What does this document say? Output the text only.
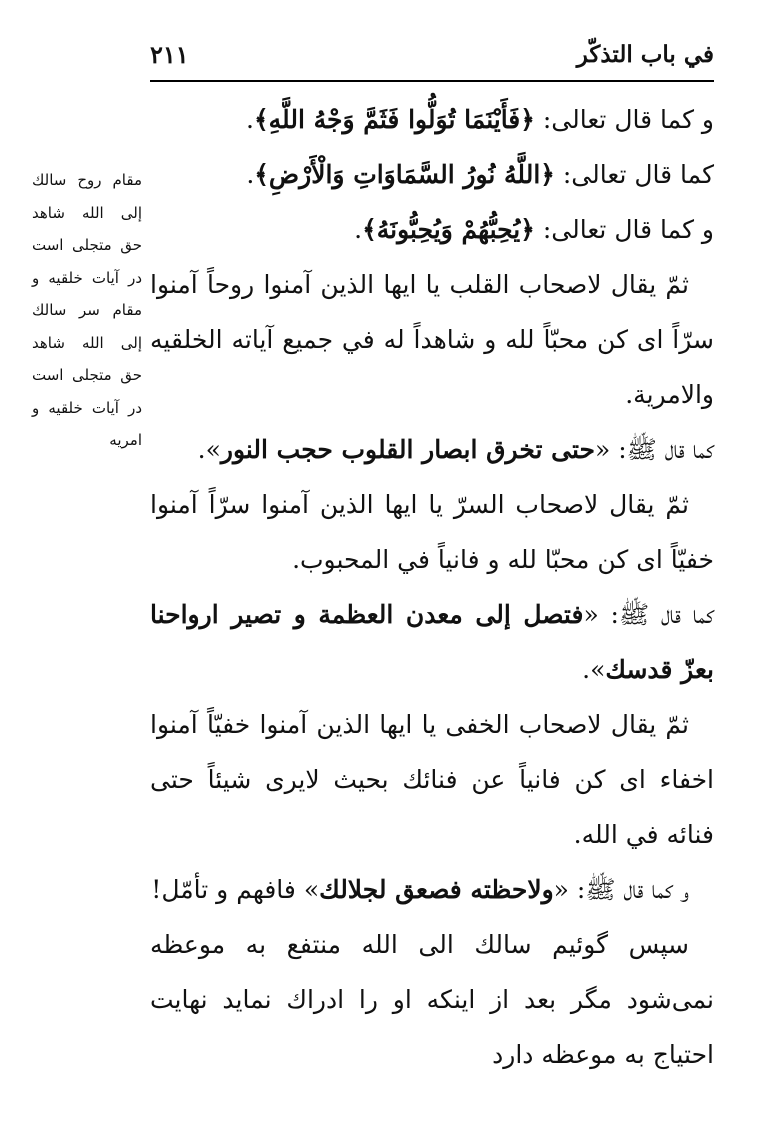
في باب التذكّر
٢١١

و كما قال تعالى: ﴿فَأَيْنَمَا تُوَلُّوا فَثَمَّ وَجْهُ اللَّهِ﴾.

كما قال تعالى: ﴿اللَّهُ نُورُ السَّمَاوَاتِ وَالْأَرْضِ﴾.

و كما قال تعالى: ﴿يُحِبُّهُمْ وَيُحِبُّونَهُ﴾.

ثمّ يقال لاصحاب القلب يا ايها الذين آمنوا روحاً آمنوا سرّاً اى كن محبّاً لله و شاهداً له في جميع آياته الخلقيه والامرية.

كما قال ﷺ: «حتى تخرق ابصار القلوب حجب النور».

ثمّ يقال لاصحاب السرّ يا ايها الذين آمنوا سرّاً آمنوا خفيّاً اى كن محبّا لله و فانياً في المحبوب.

كما قال ﷺ: «فتصل إلى معدن العظمة و تصير ارواحنا بعزّ قدسك».

ثمّ يقال لاصحاب الخفى يا ايها الذين آمنوا خفيّاً آمنوا اخفاء اى كن فانياً عن فنائك بحيث لايرى شيئاً حتى فنائه في الله.

و كما قال ﷺ: «ولاحظته فصعق لجلالك» فافهم و تأمّل!

سپس گوئيم سالك الى الله منتفع به موعظه نمى‌شود مگر بعد از اينكه او را ادراك نمايد نهايت احتياج به موعظه دارد

مقام روح سالك إلى الله شاهد حق متجلى است در آيات خلقيه و مقام سر سالك إلى الله شاهد حق متجلى است در آيات خلقيه و امريه
